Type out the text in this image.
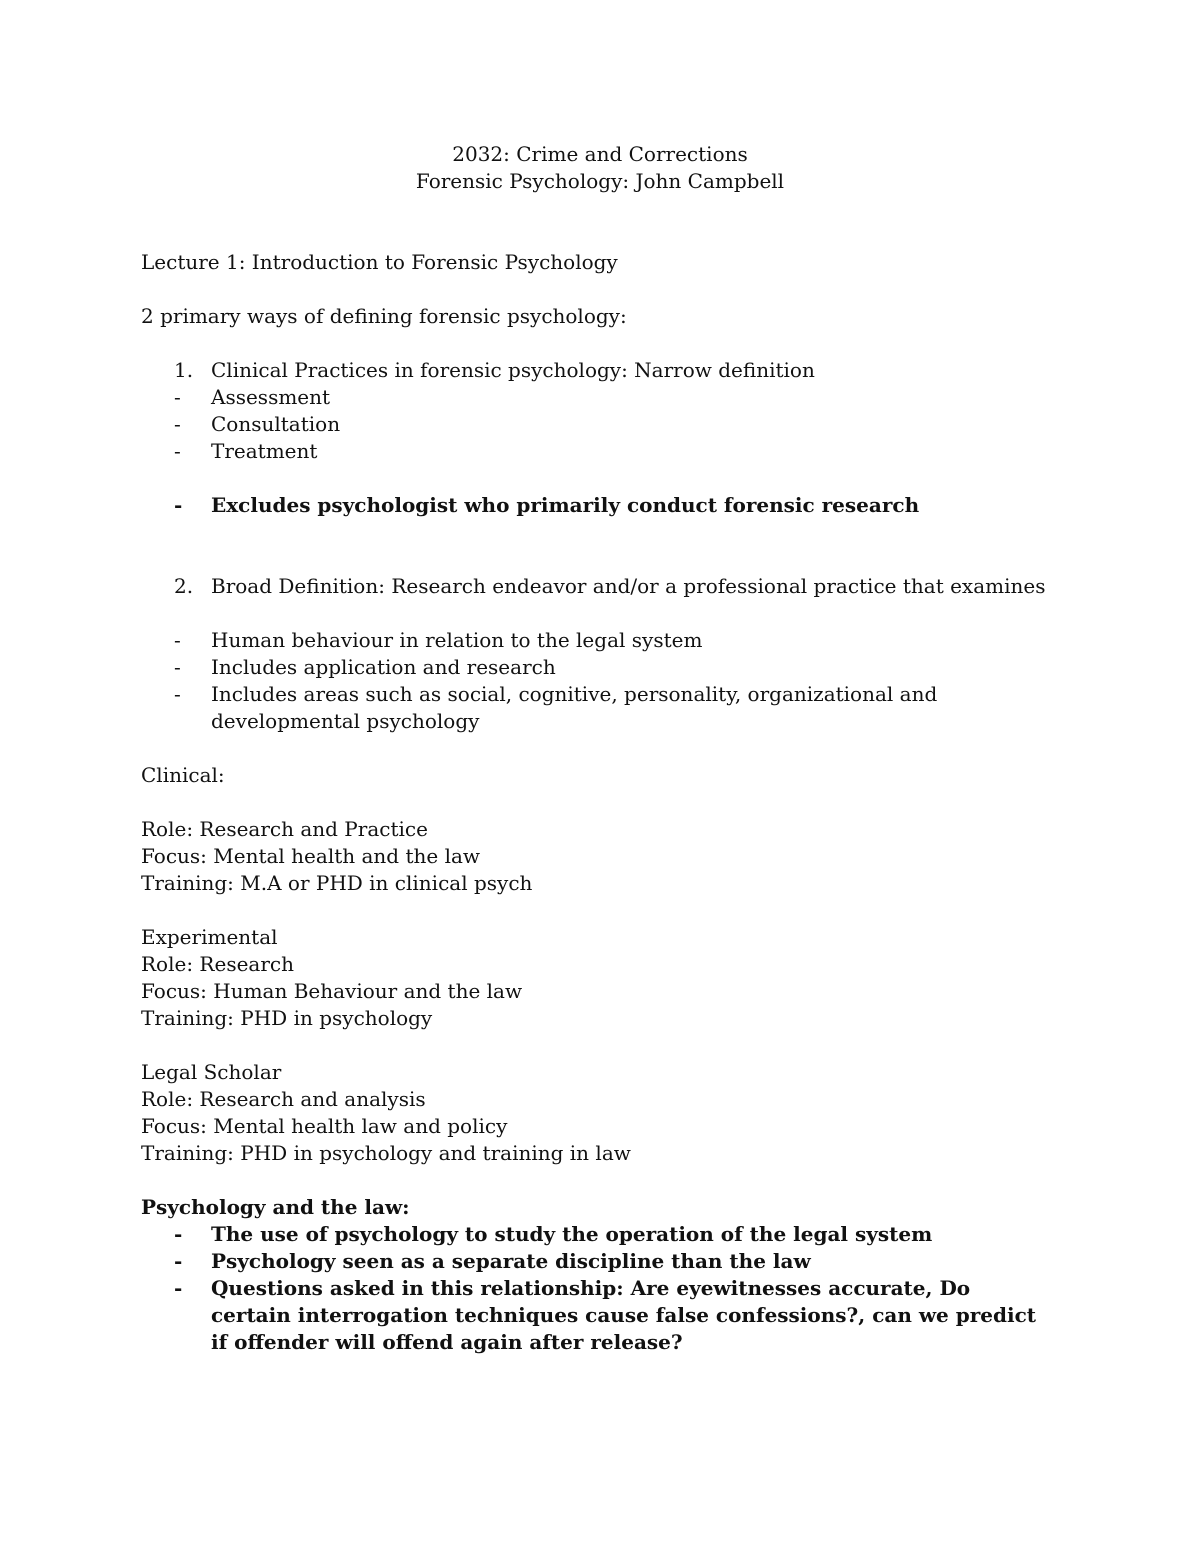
2032: Crime and Corrections
Forensic Psychology: John Campbell
Lecture 1: Introduction to Forensic Psychology
2 primary ways of defining forensic psychology:
1. Clinical Practices in forensic psychology: Narrow definition
- Assessment
- Consultation
- Treatment
- Excludes psychologist who primarily conduct forensic research
2. Broad Definition: Research endeavor and/or a professional practice that examines
- Human behaviour in relation to the legal system
- Includes application and research
- Includes areas such as social, cognitive, personality, organizational and developmental psychology
Clinical:
Role: Research and Practice
Focus: Mental health and the law
Training: M.A or PHD in clinical psych
Experimental
Role: Research
Focus: Human Behaviour and the law
Training: PHD in psychology
Legal Scholar
Role: Research and analysis
Focus: Mental health law and policy
Training: PHD in psychology and training in law
Psychology and the law:
- The use of psychology to study the operation of the legal system
- Psychology seen as a separate discipline than the law
- Questions asked in this relationship: Are eyewitnesses accurate, Do certain interrogation techniques cause false confessions?, can we predict if offender will offend again after release?
